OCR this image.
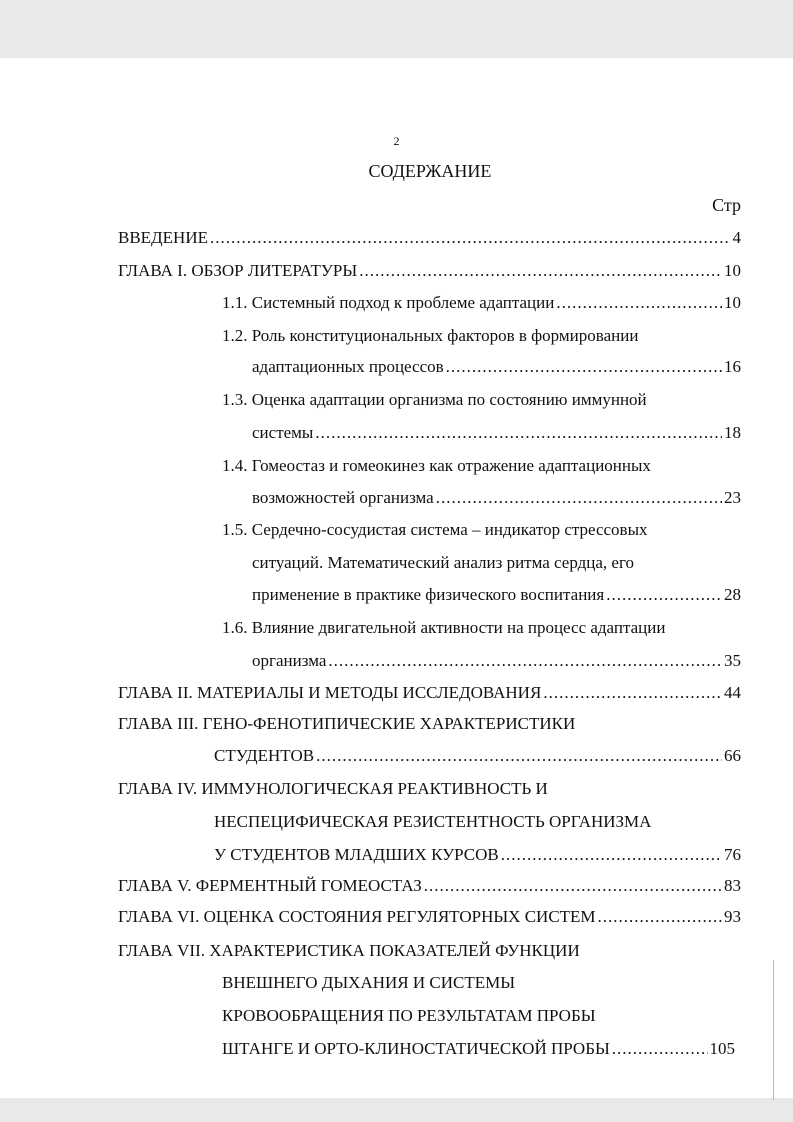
2
СОДЕРЖАНИЕ
Стр
ВВЕДЕНИЕ .....	4
ГЛАВА I. ОБЗОР ЛИТЕРАТУРЫ .....	10
1.1. Системный подход к проблеме адаптации .....	10
1.2. Роль конституциональных факторов в формировании
адаптационных процессов .....	16
1.3. Оценка адаптации организма по состоянию иммунной
системы .....	18
1.4. Гомеостаз и гомеокинез как отражение адаптационных
возможностей организма .....	23
1.5. Сердечно-сосудистая система – индикатор стрессовых
ситуаций. Математический анализ ритма сердца, его
применение в практике физического воспитания .....	28
1.6. Влияние двигательной активности на процесс адаптации
организма .....	35
ГЛАВА II. МАТЕРИАЛЫ И МЕТОДЫ ИССЛЕДОВАНИЯ .....	44
ГЛАВА III. ГЕНО-ФЕНОТИПИЧЕСКИЕ ХАРАКТЕРИСТИКИ
СТУДЕНТОВ .....	66
ГЛАВА IV. ИММУНОЛОГИЧЕСКАЯ РЕАКТИВНОСТЬ И
НЕСПЕЦИФИЧЕСКАЯ РЕЗИСТЕНТНОСТЬ ОРГАНИЗМА
У СТУДЕНТОВ МЛАДШИХ КУРСОВ .....	76
ГЛАВА V. ФЕРМЕНТНЫЙ ГОМЕОСТАЗ .....	83
ГЛАВА VI. ОЦЕНКА СОСТОЯНИЯ РЕГУЛЯТОРНЫХ СИСТЕМ .....	93
ГЛАВА VII. ХАРАКТЕРИСТИКА ПОКАЗАТЕЛЕЙ ФУНКЦИИ
ВНЕШНЕГО ДЫХАНИЯ И СИСТЕМЫ
КРОВООБРАЩЕНИЯ ПО РЕЗУЛЬТАТАМ ПРОБЫ
ШТАНГЕ И ОРТО-КЛИНОСТАТИЧЕСКОЙ ПРОБЫ .....	105
